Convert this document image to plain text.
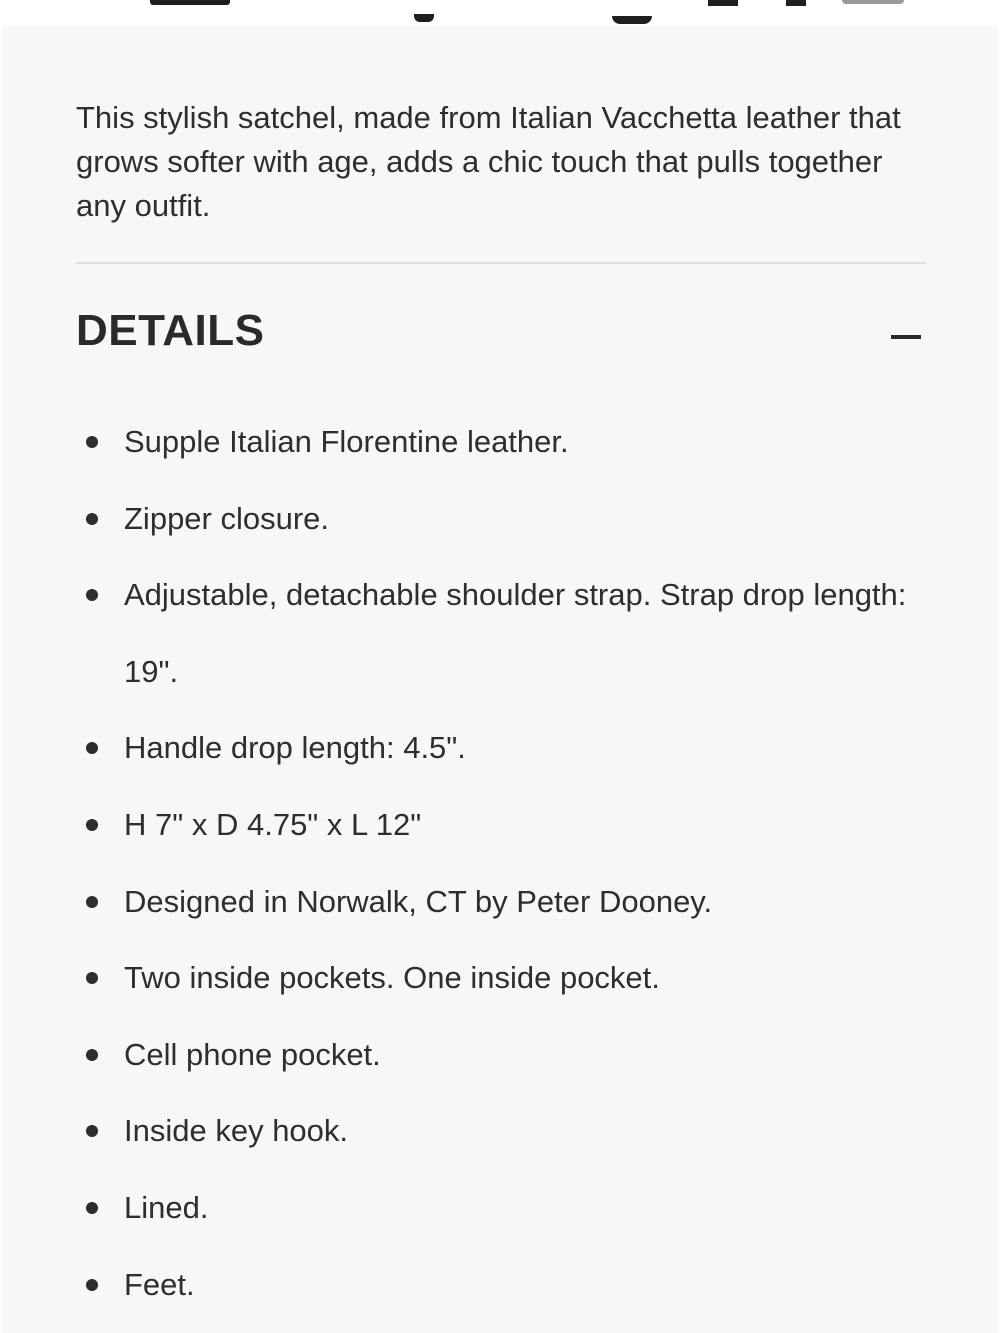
This stylish satchel, made from Italian Vacchetta leather that grows softer with age, adds a chic touch that pulls together any outfit.

DETAILS
Supple Italian Florentine leather.
Zipper closure.
Adjustable, detachable shoulder strap. Strap drop length: 19".
Handle drop length: 4.5".
H 7" x D 4.75" x L 12"
Designed in Norwalk, CT by Peter Dooney.
Two inside pockets. One inside pocket.
Cell phone pocket.
Inside key hook.
Lined.
Feet.
